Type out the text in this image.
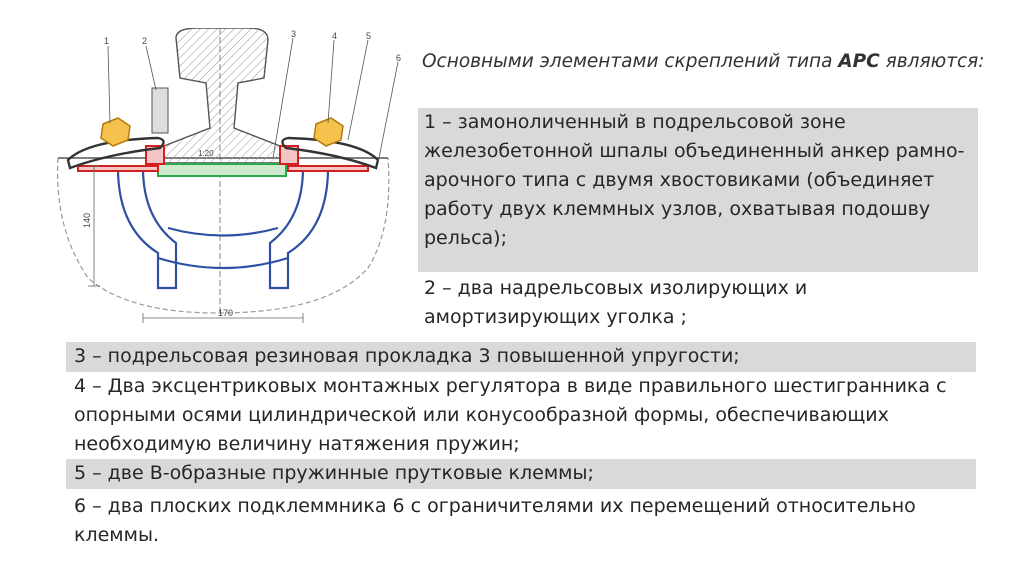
1	2
3	4	5
6
170
140
1:20
Основными элементами скреплений типа АРС являются:
1 – замоноличенный в подрельсовой зоне железобетонной шпалы объединенный анкер рамно-арочного типа с двумя хвостовиками (объединяет работу двух клеммных узлов, охватывая подошву рельса);
2 – два надрельсовых изолирующих и амортизирующих уголка ;
3 – подрельсовая резиновая прокладка 3 повышенной упругости;
4 – Два эксцентриковых монтажных регулятора в виде правильного шестигранника с опорными осями цилиндрической или конусообразной формы, обеспечивающих необходимую величину натяжения пружин;
5 – две В-образные пружинные прутковые клеммы;
6 – два плоских подклеммника 6 с ограничителями их перемещений относительно клеммы.
